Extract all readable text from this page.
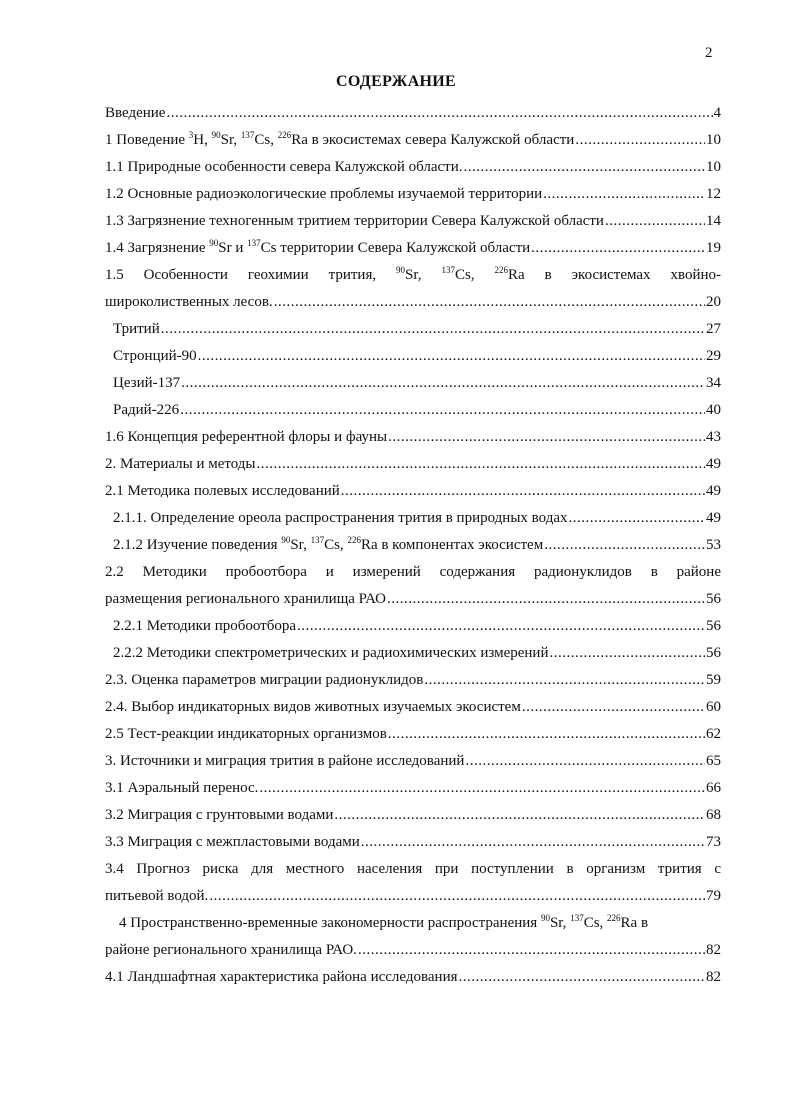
2
СОДЕРЖАНИЕ
Введение .....	4
1 Поведение $^3$H, $^{90}$Sr, $^{137}$Cs, $^{226}$Ra в экосистемах севера Калужской области .....	10
1.1 Природные особенности севера Калужской области. .....	10
1.2 Основные радиоэкологические проблемы изучаемой территории .....	12
1.3 Загрязнение техногенным тритием территории Севера Калужской области .....	14
1.4 Загрязнение $^{90}$Sr и $^{137}$Cs территории Севера Калужской области .....	19
1.5 Особенности геохимии трития, $^{90}$Sr, $^{137}$Cs, $^{226}$Ra в экосистемах хвойно-
широколиственных лесов. .....	20
Тритий .....	27
Стронций-90 .....	29
Цезий-137 .....	34
Радий-226 .....	40
1.6 Концепция референтной флоры и фауны .....	43
2. Материалы и методы .....	49
2.1 Методика полевых исследований .....	49
2.1.1. Определение ореола распространения трития в природных водах .....	49
2.1.2 Изучение поведения $^{90}$Sr, $^{137}$Cs, $^{226}$Ra в компонентах экосистем .....	53
2.2 Методики пробоотбора и измерений содержания радионуклидов в районе
размещения регионального хранилища РАО .....	56
2.2.1 Методики пробоотбора .....	56
2.2.2 Методики спектрометрических и радиохимических измерений .....	56
2.3. Оценка параметров миграции радионуклидов .....	59
2.4. Выбор индикаторных видов животных изучаемых экосистем .....	60
2.5 Тест-реакции индикаторных организмов .....	62
3. Источники и миграция трития в районе исследований .....	65
3.1 Аэральный перенос. .....	66
3.2 Миграция с грунтовыми водами .....	68
3.3 Миграция с межпластовыми водами .....	73
3.4 Прогноз риска для местного населения при поступлении в организм трития с
питьевой водой. .....	79
4 Пространственно-временные закономерности распространения $^{90}$Sr, $^{137}$Cs, $^{226}$Ra в
районе регионального хранилища РАО. .....	82
4.1 Ландшафтная характеристика района исследования .....	82
